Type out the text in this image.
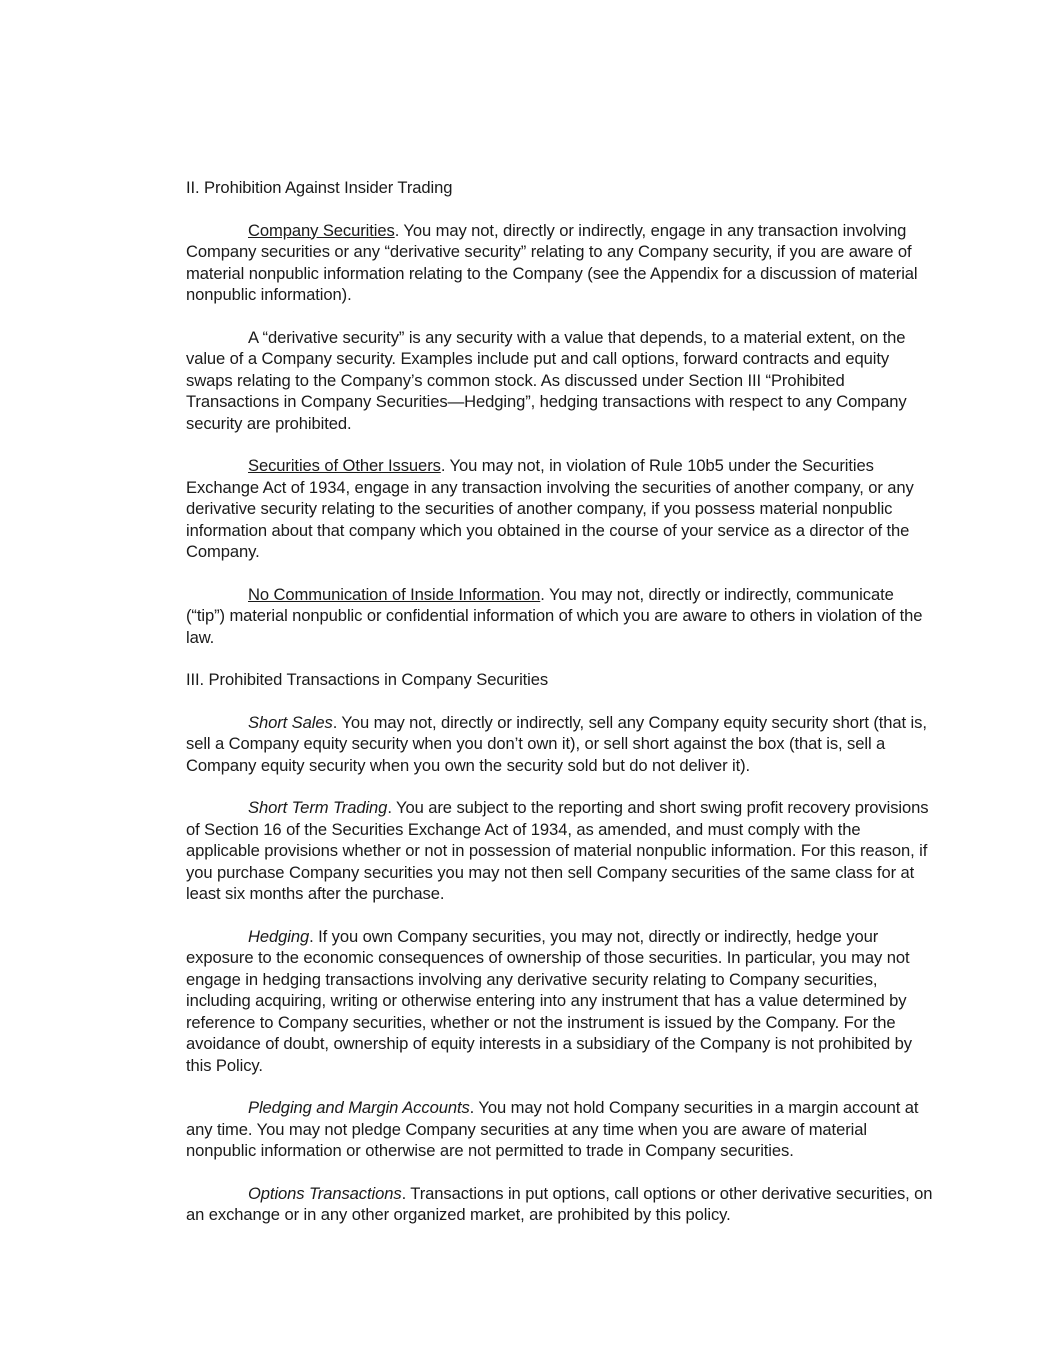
II. Prohibition Against Insider Trading

Company Securities. You may not, directly or indirectly, engage in any transaction involving Company securities or any “derivative security” relating to any Company security, if you are aware of material nonpublic information relating to the Company (see the Appendix for a discussion of material nonpublic information).

A “derivative security” is any security with a value that depends, to a material extent, on the value of a Company security. Examples include put and call options, forward contracts and equity swaps relating to the Company’s common stock. As discussed under Section III “Prohibited Transactions in Company Securities—Hedging”, hedging transactions with respect to any Company security are prohibited.

Securities of Other Issuers. You may not, in violation of Rule 10b5 under the Securities Exchange Act of 1934, engage in any transaction involving the securities of another company, or any derivative security relating to the securities of another company, if you possess material nonpublic information about that company which you obtained in the course of your service as a director of the Company.

No Communication of Inside Information. You may not, directly or indirectly, communicate (“tip”) material nonpublic or confidential information of which you are aware to others in violation of the law.

III. Prohibited Transactions in Company Securities

Short Sales. You may not, directly or indirectly, sell any Company equity security short (that is, sell a Company equity security when you don’t own it), or sell short against the box (that is, sell a Company equity security when you own the security sold but do not deliver it).

Short Term Trading. You are subject to the reporting and short swing profit recovery provisions of Section 16 of the Securities Exchange Act of 1934, as amended, and must comply with the applicable provisions whether or not in possession of material nonpublic information. For this reason, if you purchase Company securities you may not then sell Company securities of the same class for at least six months after the purchase.

Hedging. If you own Company securities, you may not, directly or indirectly, hedge your exposure to the economic consequences of ownership of those securities. In particular, you may not engage in hedging transactions involving any derivative security relating to Company securities, including acquiring, writing or otherwise entering into any instrument that has a value determined by reference to Company securities, whether or not the instrument is issued by the Company. For the avoidance of doubt, ownership of equity interests in a subsidiary of the Company is not prohibited by this Policy.

Pledging and Margin Accounts. You may not hold Company securities in a margin account at any time. You may not pledge Company securities at any time when you are aware of material nonpublic information or otherwise are not permitted to trade in Company securities.

Options Transactions. Transactions in put options, call options or other derivative securities, on an exchange or in any other organized market, are prohibited by this policy.
